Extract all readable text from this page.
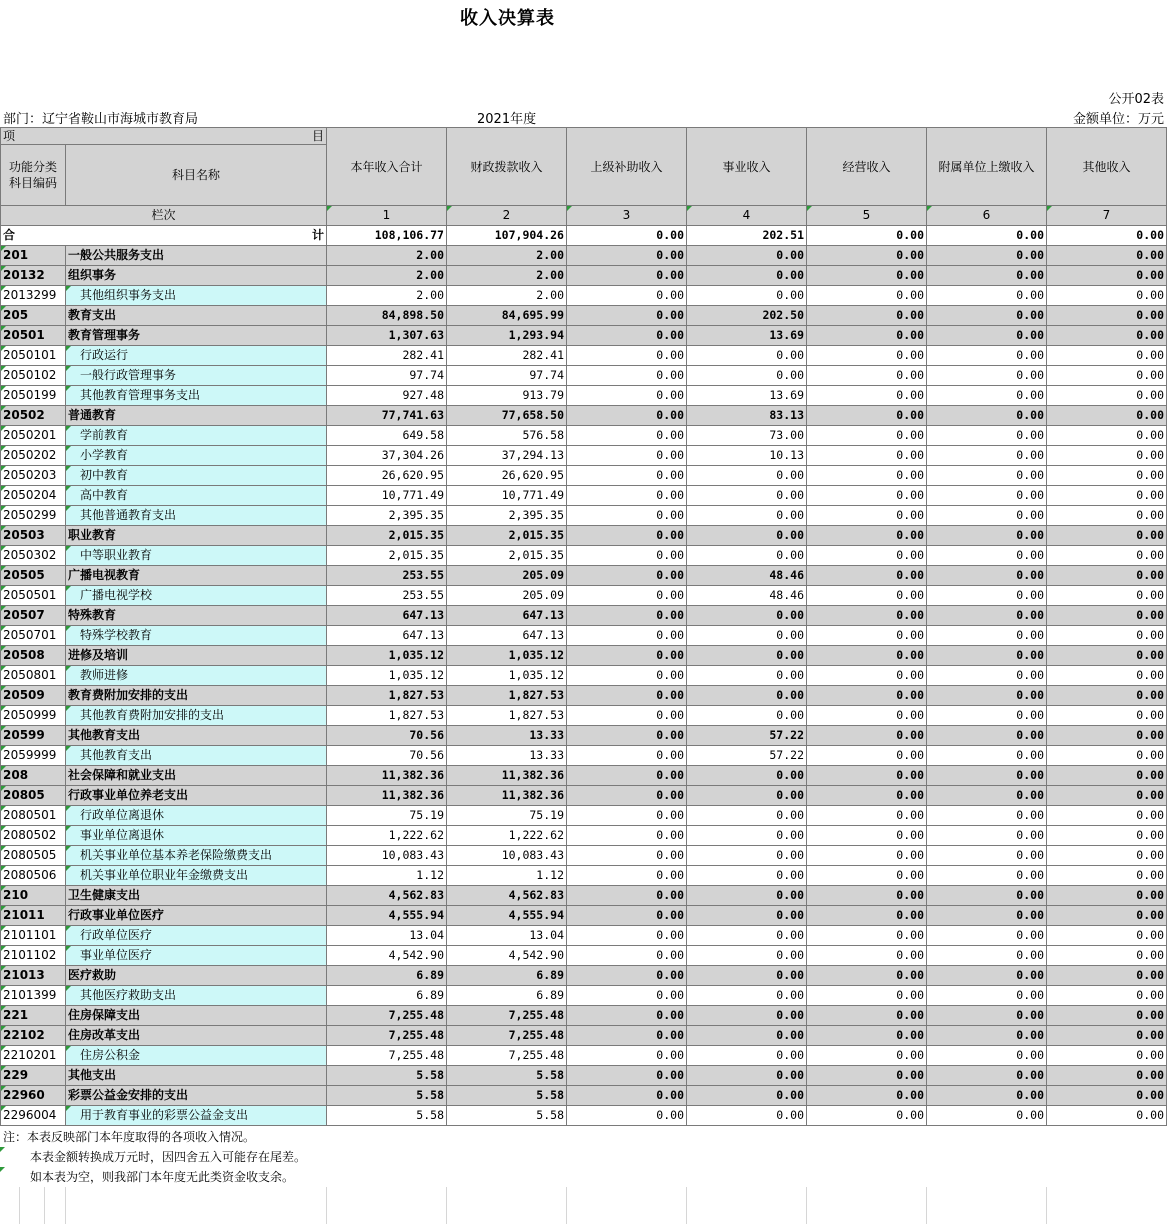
收入决算表
公开02表
部门：辽宁省鞍山市海城市教育局	2021年度	金额单位：万元
项 目		本年收入合计	财政拨款收入	上级补助收入	事业收入	经营收入	附属单位上缴收入	其他收入
功能分类
科目编码	科目名称							
栏次		1	2	3	4	5	6	7

合 计		108,106.77	107,904.26	0.00	202.51	0.00	0.00	0.00

201	一般公共服务支出	2.00	2.00	0.00	0.00	0.00	0.00	0.00

20132	组织事务	2.00	2.00	0.00	0.00	0.00	0.00	0.00

2013299	其他组织事务支出	2.00	2.00	0.00	0.00	0.00	0.00	0.00

205	教育支出	84,898.50	84,695.99	0.00	202.50	0.00	0.00	0.00

20501	教育管理事务	1,307.63	1,293.94	0.00	13.69	0.00	0.00	0.00

2050101	行政运行	282.41	282.41	0.00	0.00	0.00	0.00	0.00

2050102	一般行政管理事务	97.74	97.74	0.00	0.00	0.00	0.00	0.00

2050199	其他教育管理事务支出	927.48	913.79	0.00	13.69	0.00	0.00	0.00

20502	普通教育	77,741.63	77,658.50	0.00	83.13	0.00	0.00	0.00

2050201	学前教育	649.58	576.58	0.00	73.00	0.00	0.00	0.00

2050202	小学教育	37,304.26	37,294.13	0.00	10.13	0.00	0.00	0.00

2050203	初中教育	26,620.95	26,620.95	0.00	0.00	0.00	0.00	0.00

2050204	高中教育	10,771.49	10,771.49	0.00	0.00	0.00	0.00	0.00

2050299	其他普通教育支出	2,395.35	2,395.35	0.00	0.00	0.00	0.00	0.00

20503	职业教育	2,015.35	2,015.35	0.00	0.00	0.00	0.00	0.00

2050302	中等职业教育	2,015.35	2,015.35	0.00	0.00	0.00	0.00	0.00

20505	广播电视教育	253.55	205.09	0.00	48.46	0.00	0.00	0.00

2050501	广播电视学校	253.55	205.09	0.00	48.46	0.00	0.00	0.00

20507	特殊教育	647.13	647.13	0.00	0.00	0.00	0.00	0.00

2050701	特殊学校教育	647.13	647.13	0.00	0.00	0.00	0.00	0.00

20508	进修及培训	1,035.12	1,035.12	0.00	0.00	0.00	0.00	0.00

2050801	教师进修	1,035.12	1,035.12	0.00	0.00	0.00	0.00	0.00

20509	教育费附加安排的支出	1,827.53	1,827.53	0.00	0.00	0.00	0.00	0.00

2050999	其他教育费附加安排的支出	1,827.53	1,827.53	0.00	0.00	0.00	0.00	0.00

20599	其他教育支出	70.56	13.33	0.00	57.22	0.00	0.00	0.00

2059999	其他教育支出	70.56	13.33	0.00	57.22	0.00	0.00	0.00

208	社会保障和就业支出	11,382.36	11,382.36	0.00	0.00	0.00	0.00	0.00

20805	行政事业单位养老支出	11,382.36	11,382.36	0.00	0.00	0.00	0.00	0.00

2080501	行政单位离退休	75.19	75.19	0.00	0.00	0.00	0.00	0.00

2080502	事业单位离退休	1,222.62	1,222.62	0.00	0.00	0.00	0.00	0.00

2080505	机关事业单位基本养老保险缴费支出	10,083.43	10,083.43	0.00	0.00	0.00	0.00	0.00

2080506	机关事业单位职业年金缴费支出	1.12	1.12	0.00	0.00	0.00	0.00	0.00

210	卫生健康支出	4,562.83	4,562.83	0.00	0.00	0.00	0.00	0.00

21011	行政事业单位医疗	4,555.94	4,555.94	0.00	0.00	0.00	0.00	0.00

2101101	行政单位医疗	13.04	13.04	0.00	0.00	0.00	0.00	0.00

2101102	事业单位医疗	4,542.90	4,542.90	0.00	0.00	0.00	0.00	0.00

21013	医疗救助	6.89	6.89	0.00	0.00	0.00	0.00	0.00

2101399	其他医疗救助支出	6.89	6.89	0.00	0.00	0.00	0.00	0.00

221	住房保障支出	7,255.48	7,255.48	0.00	0.00	0.00	0.00	0.00

22102	住房改革支出	7,255.48	7,255.48	0.00	0.00	0.00	0.00	0.00

2210201	住房公积金	7,255.48	7,255.48	0.00	0.00	0.00	0.00	0.00

229	其他支出	5.58	5.58	0.00	0.00	0.00	0.00	0.00

22960	彩票公益金安排的支出	5.58	5.58	0.00	0.00	0.00	0.00	0.00

2296004	用于教育事业的彩票公益金支出	5.58	5.58	0.00	0.00	0.00	0.00	0.00
注：本表反映部门本年度取得的各项收入情况。
本表金额转换成万元时，因四舍五入可能存在尾差。
如本表为空，则我部门本年度无此类资金收支余。
